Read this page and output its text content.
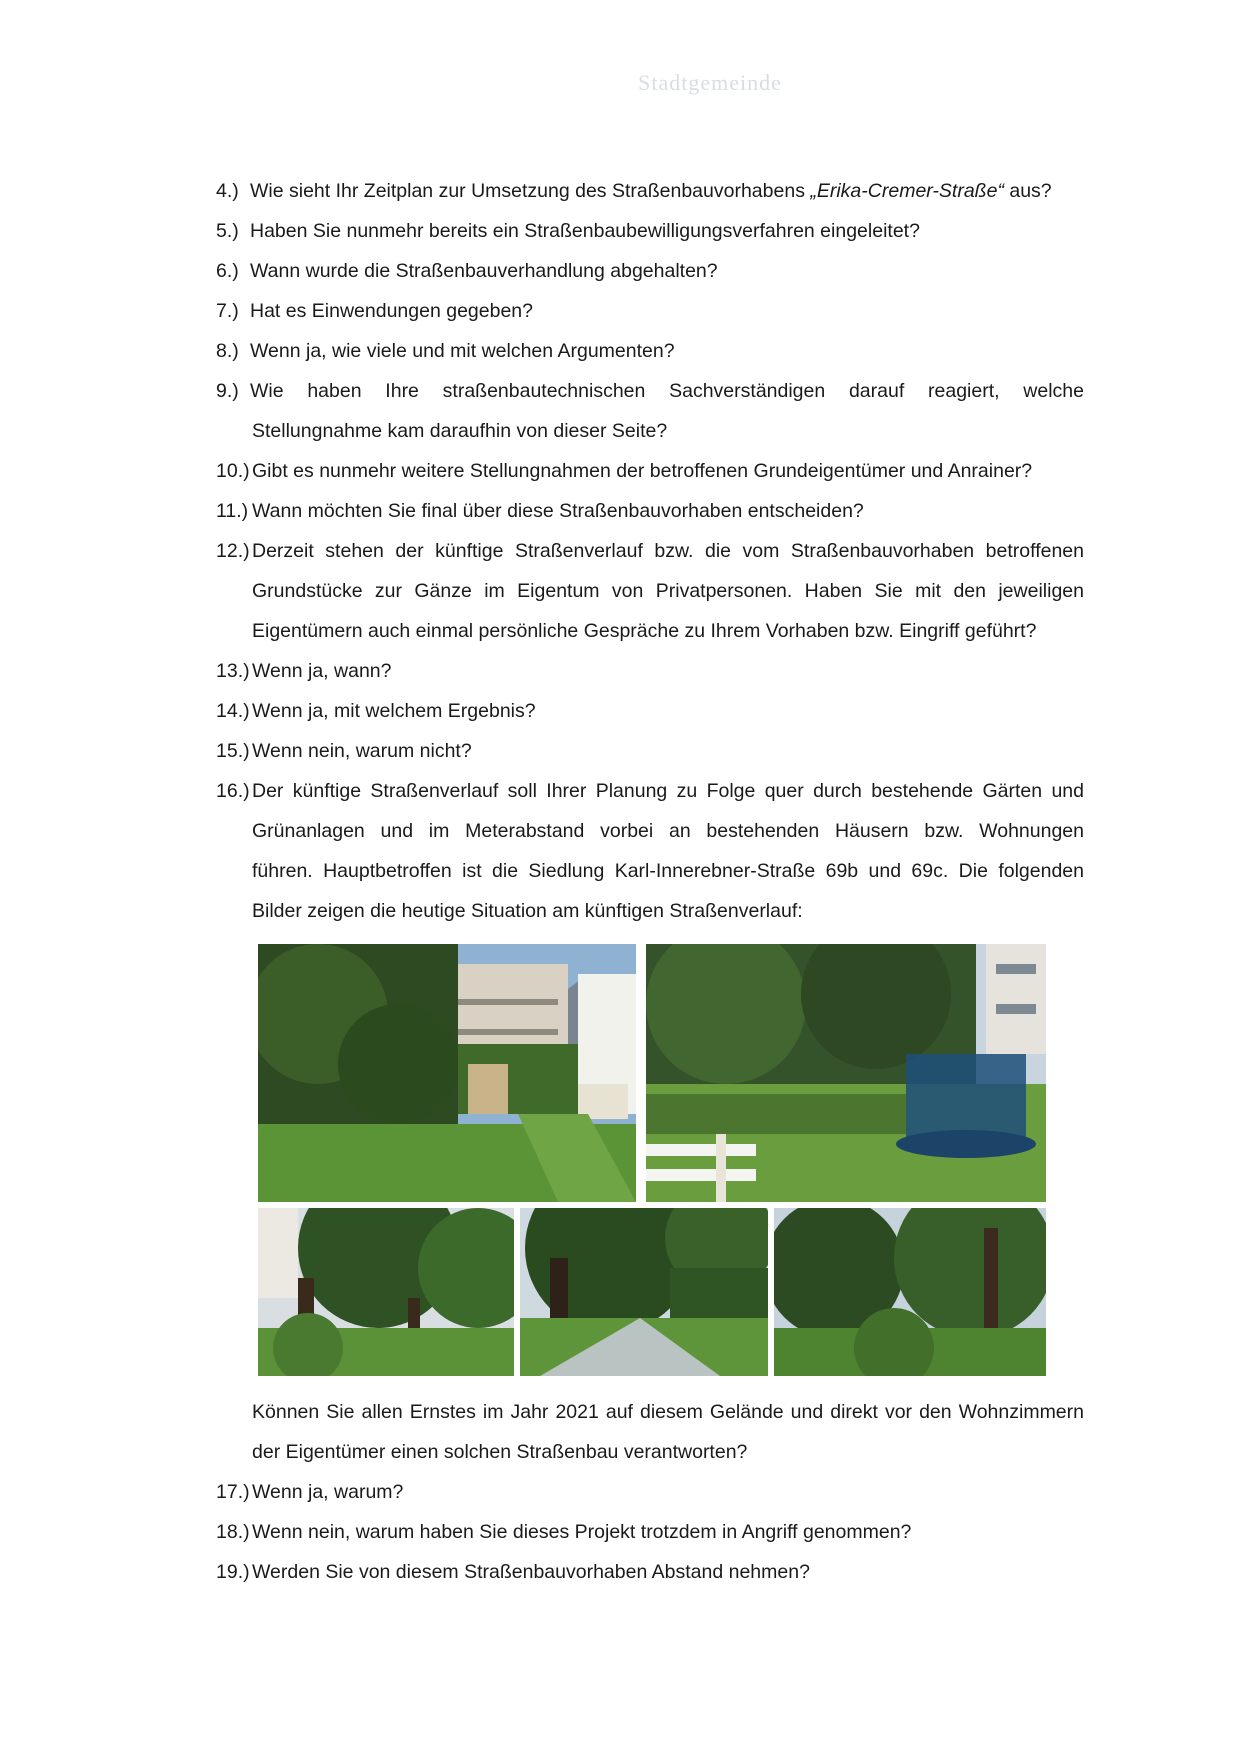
Stadtgemeinde
4.) Wie sieht Ihr Zeitplan zur Umsetzung des Straßenbauvorhabens „Erika-Cremer-Straße“ aus?
5.) Haben Sie nunmehr bereits ein Straßenbaubewilligungsverfahren eingeleitet?
6.) Wann wurde die Straßenbauverhandlung abgehalten?
7.) Hat es Einwendungen gegeben?
8.) Wenn ja, wie viele und mit welchen Argumenten?
9.) Wie haben Ihre straßenbautechnischen Sachverständigen darauf reagiert, welche
Stellungnahme kam daraufhin von dieser Seite?
10.) Gibt es nunmehr weitere Stellungnahmen der betroffenen Grundeigentümer und Anrainer?
11.) Wann möchten Sie final über diese Straßenbauvorhaben entscheiden?
12.) Derzeit stehen der künftige Straßenverlauf bzw. die vom Straßenbauvorhaben betroffenen
Grundstücke zur Gänze im Eigentum von Privatpersonen. Haben Sie mit den jeweiligen
Eigentümern auch einmal persönliche Gespräche zu Ihrem Vorhaben bzw. Eingriff geführt?
13.) Wenn ja, wann?
14.) Wenn ja, mit welchem Ergebnis?
15.) Wenn nein, warum nicht?
16.) Der künftige Straßenverlauf soll Ihrer Planung zu Folge quer durch bestehende Gärten und
Grünanlagen und im Meterabstand vorbei an bestehenden Häusern bzw. Wohnungen
führen. Hauptbetroffen ist die Siedlung Karl-Innerebner-Straße 69b und 69c. Die folgenden
Bilder zeigen die heutige Situation am künftigen Straßenverlauf:
Können Sie allen Ernstes im Jahr 2021 auf diesem Gelände und direkt vor den Wohnzimmern
der Eigentümer einen solchen Straßenbau verantworten?
17.) Wenn ja, warum?
18.) Wenn nein, warum haben Sie dieses Projekt trotzdem in Angriff genommen?
19.) Werden Sie von diesem Straßenbauvorhaben Abstand nehmen?
